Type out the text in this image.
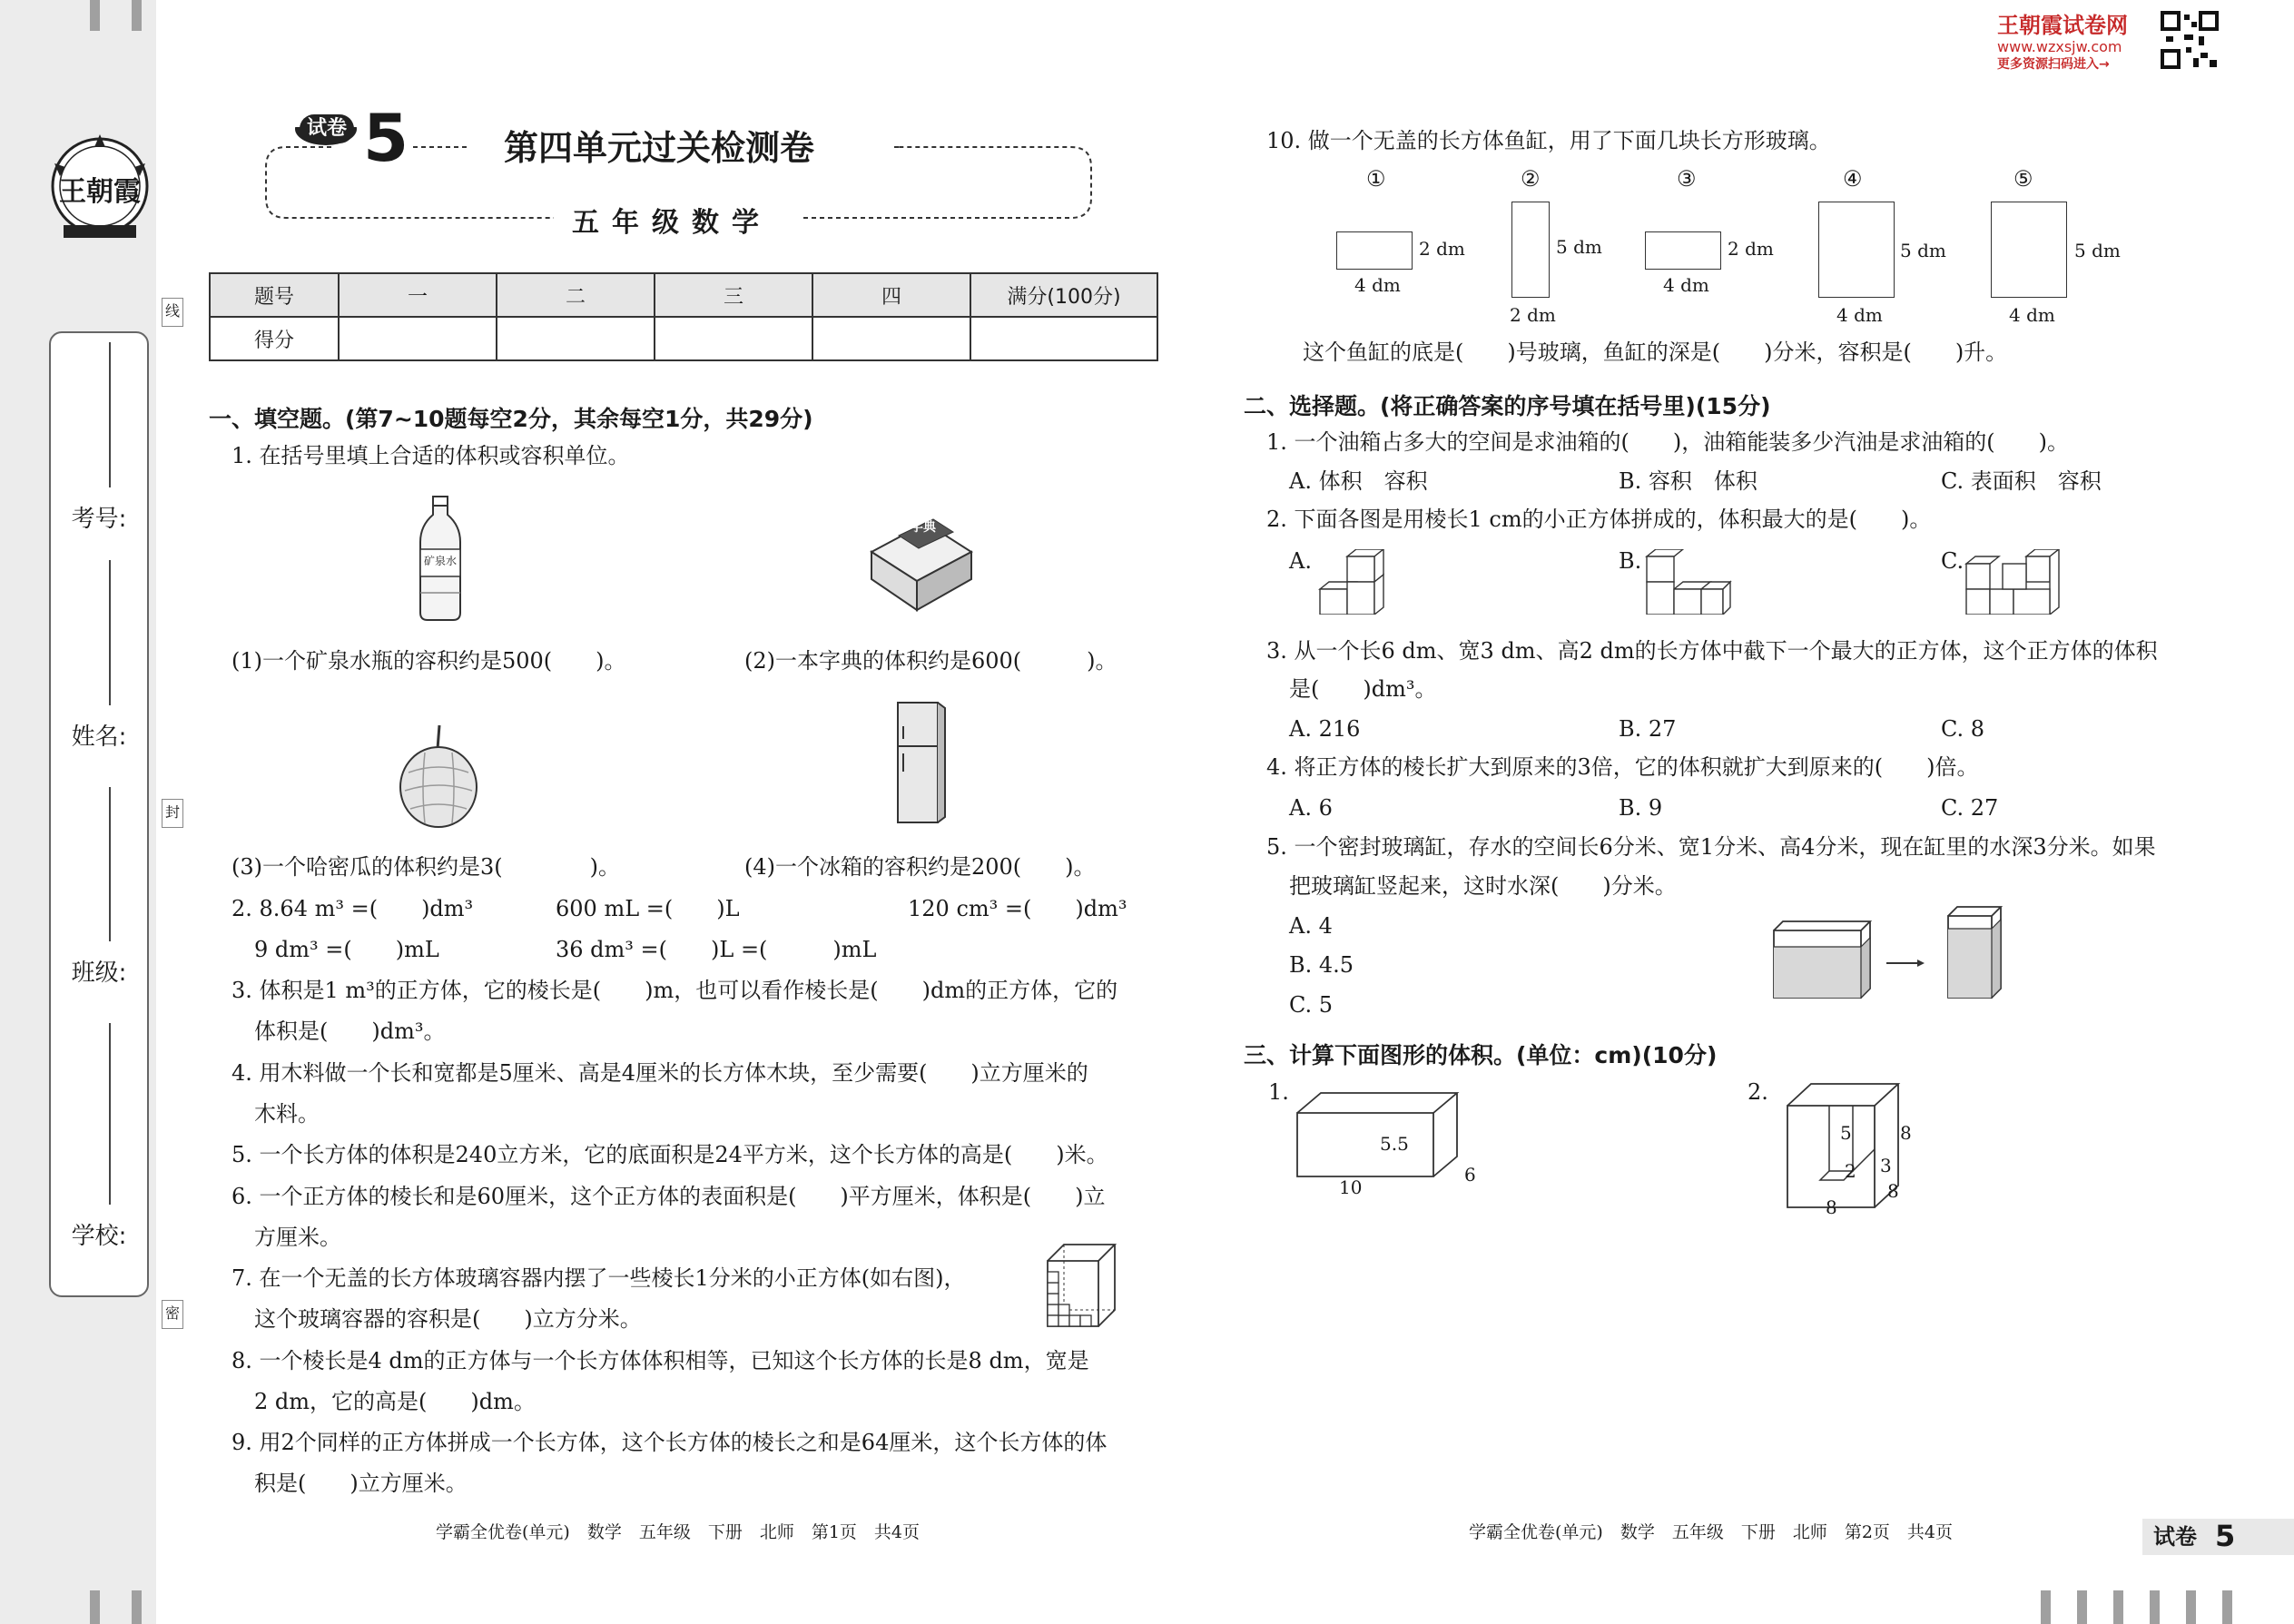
王朝霞
线
封
密
考号:
姓名:
班级:
学校:
试卷 5	第四单元过关检测卷
五年级数学
王朝霞试卷网
www.wzxsjw.com
更多资源扫码进入→
题号	一	二	三	四	满分(100分)
得分					
一、填空题。(第7~10题每空2分，其余每空1分，共29分)
1. 在括号里填上合适的体积或容积单位。
矿泉水
字典
(1)一个矿泉水瓶的容积约是500(　　)。	(2)一本字典的体积约是600(　　　)。
(3)一个哈密瓜的体积约是3(　　　　)。	(4)一个冰箱的容积约是200(　　)。
2. 8.64 m³ =(　　)dm³	600 mL =(　　)L	120 cm³ =(　　)dm³
9 dm³ =(　　)mL	36 dm³ =(　　)L =(　　　)mL
3. 体积是1 m³的正方体，它的棱长是(　　)m，也可以看作棱长是(　　)dm的正方体，它的
体积是(　　)dm³。
4. 用木料做一个长和宽都是5厘米、高是4厘米的长方体木块，至少需要(　　)立方厘米的
木料。
5. 一个长方体的体积是240立方米，它的底面积是24平方米，这个长方体的高是(　　)米。
6. 一个正方体的棱长和是60厘米，这个正方体的表面积是(　　)平方厘米，体积是(　　)立
方厘米。
7. 在一个无盖的长方体玻璃容器内摆了一些棱长1分米的小正方体(如右图)，
这个玻璃容器的容积是(　　)立方分米。
8. 一个棱长是4 dm的正方体与一个长方体体积相等，已知这个长方体的长是8 dm，宽是
2 dm，它的高是(　　)dm。
9. 用2个同样的正方体拼成一个长方体，这个长方体的棱长之和是64厘米，这个长方体的体
积是(　　)立方厘米。
学霸全优卷(单元)　数学　五年级　下册　北师　第1页　共4页
10. 做一个无盖的长方体鱼缸，用了下面几块长方形玻璃。
①	②	③	④	⑤
2 dm
4 dm
5 dm
2 dm
2 dm
4 dm
5 dm
4 dm
5 dm
4 dm
这个鱼缸的底是(　　)号玻璃，鱼缸的深是(　　)分米，容积是(　　)升。
二、选择题。(将正确答案的序号填在括号里)(15分)
1. 一个油箱占多大的空间是求油箱的(　　)，油箱能装多少汽油是求油箱的(　　)。
A. 体积　容积	B. 容积　体积	C. 表面积　容积
2. 下面各图是用棱长1 cm的小正方体拼成的，体积最大的是(　　)。
A.	B.	C.
3. 从一个长6 dm、宽3 dm、高2 dm的长方体中截下一个最大的正方体，这个正方体的体积
是(　　)dm³。
A. 216	B. 27	C. 8
4. 将正方体的棱长扩大到原来的3倍，它的体积就扩大到原来的(　　)倍。
A. 6	B. 9	C. 27
5. 一个密封玻璃缸，存水的空间长6分米、宽1分米、高4分米，现在缸里的水深3分米。如果
把玻璃缸竖起来，这时水深(　　)分米。
A. 4
B. 4.5
C. 5
三、计算下面图形的体积。(单位：cm)(10分)
1.	2.
5.5
6
10
5	8
2 3
8
8
学霸全优卷(单元)　数学　五年级　下册　北师　第2页　共4页	试卷 5
